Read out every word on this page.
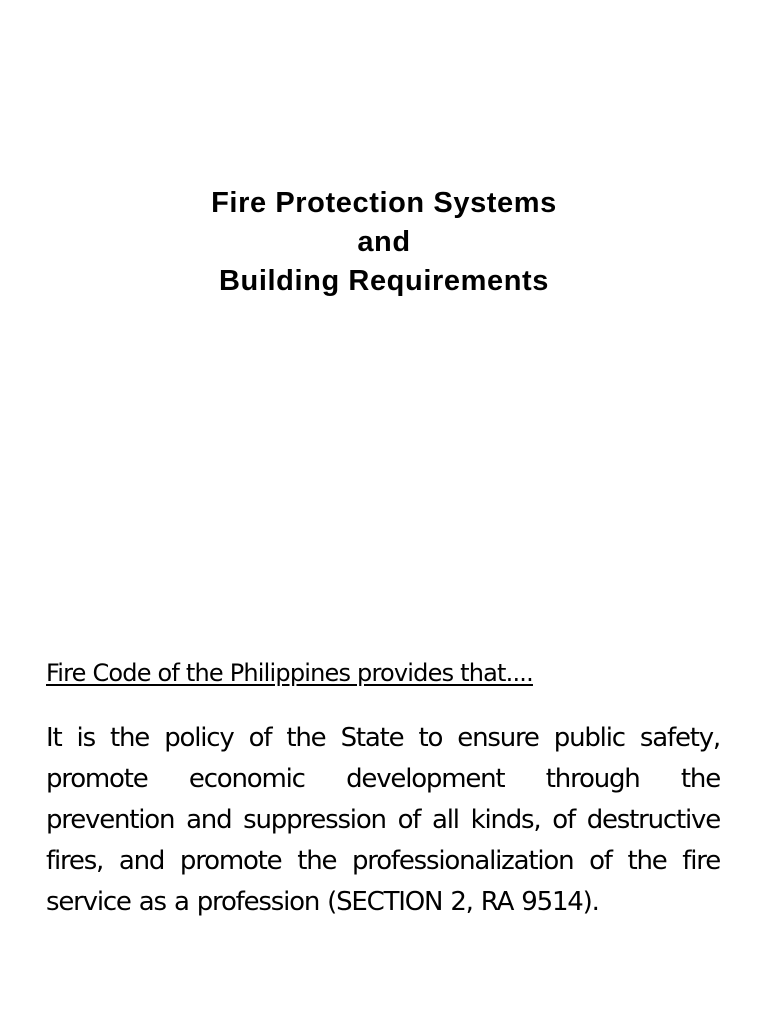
Fire Protection Systems
and
Building Requirements
Fire Code of the Philippines provides that....
It is the policy of the State to ensure public safety, promote economic development through the prevention and suppression of all kinds, of destructive fires, and promote the professionalization of the fire service as a profession (SECTION 2, RA 9514).
